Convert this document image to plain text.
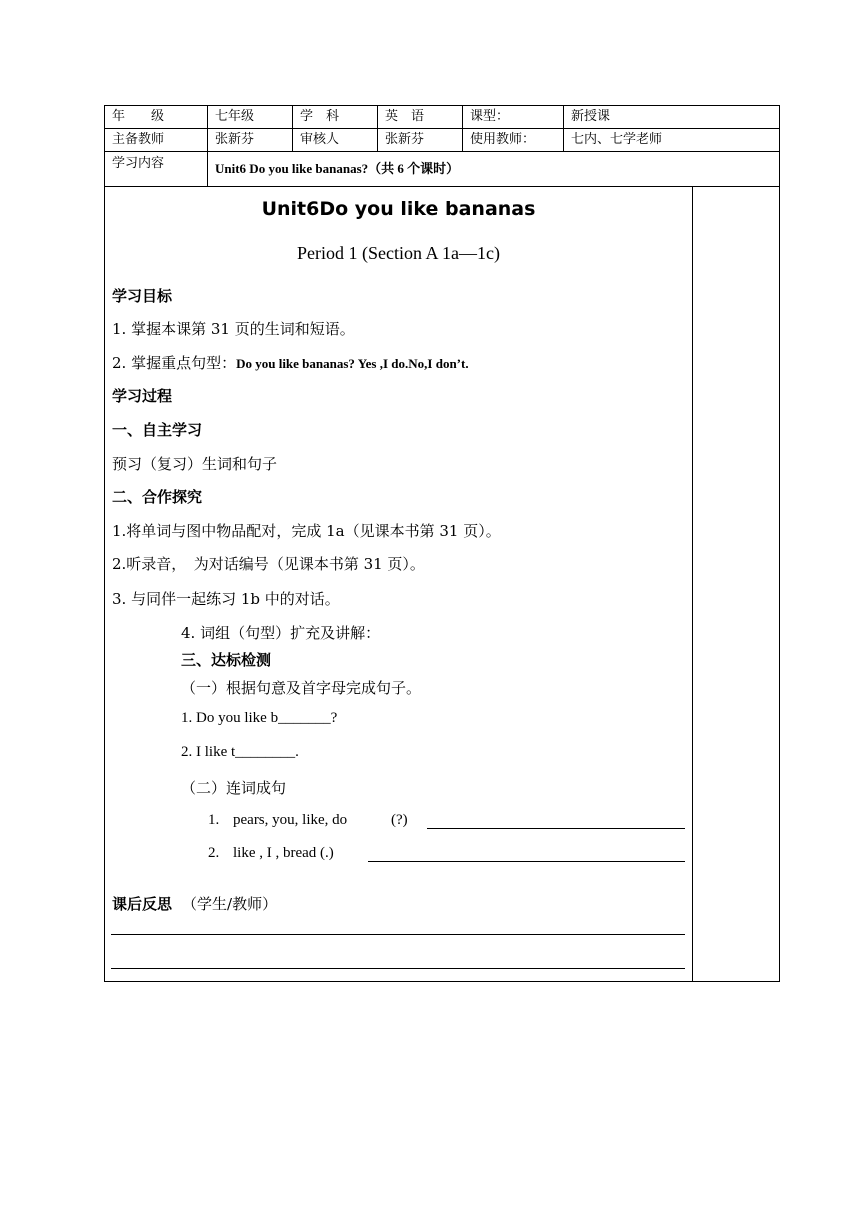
年　　级	七年级	学　科	英　语	课型：	新授课
主备教师	张新芬	审核人	张新芬	使用教师：	七内、七学老师
学习内容	Unit6 Do you like bananas?（共 6 个课时）
Unit6Do you like bananas
Period 1 (Section A 1a—1c)
学习目标
1. 掌握本课第 31 页的生词和短语。
2. 掌握重点句型：Do you like bananas? Yes ,I do.No,I don’t.
学习过程
一、自主学习
预习（复习）生词和句子
二、合作探究
1.将单词与图中物品配对，完成 1a（见课本书第 31 页）。
2.听录音，　为对话编号（见课本书第 31 页）。
3. 与同伴一起练习 1b 中的对话。
4. 词组（句型）扩充及讲解：
三、达标检测
（一）根据句意及首字母完成句子。
1. Do you like b_______?
2. I like t________.
（二）连词成句
1. pears, you, like, do	(?)
2. like , I , bread (.)
课后反思 （学生/教师）
